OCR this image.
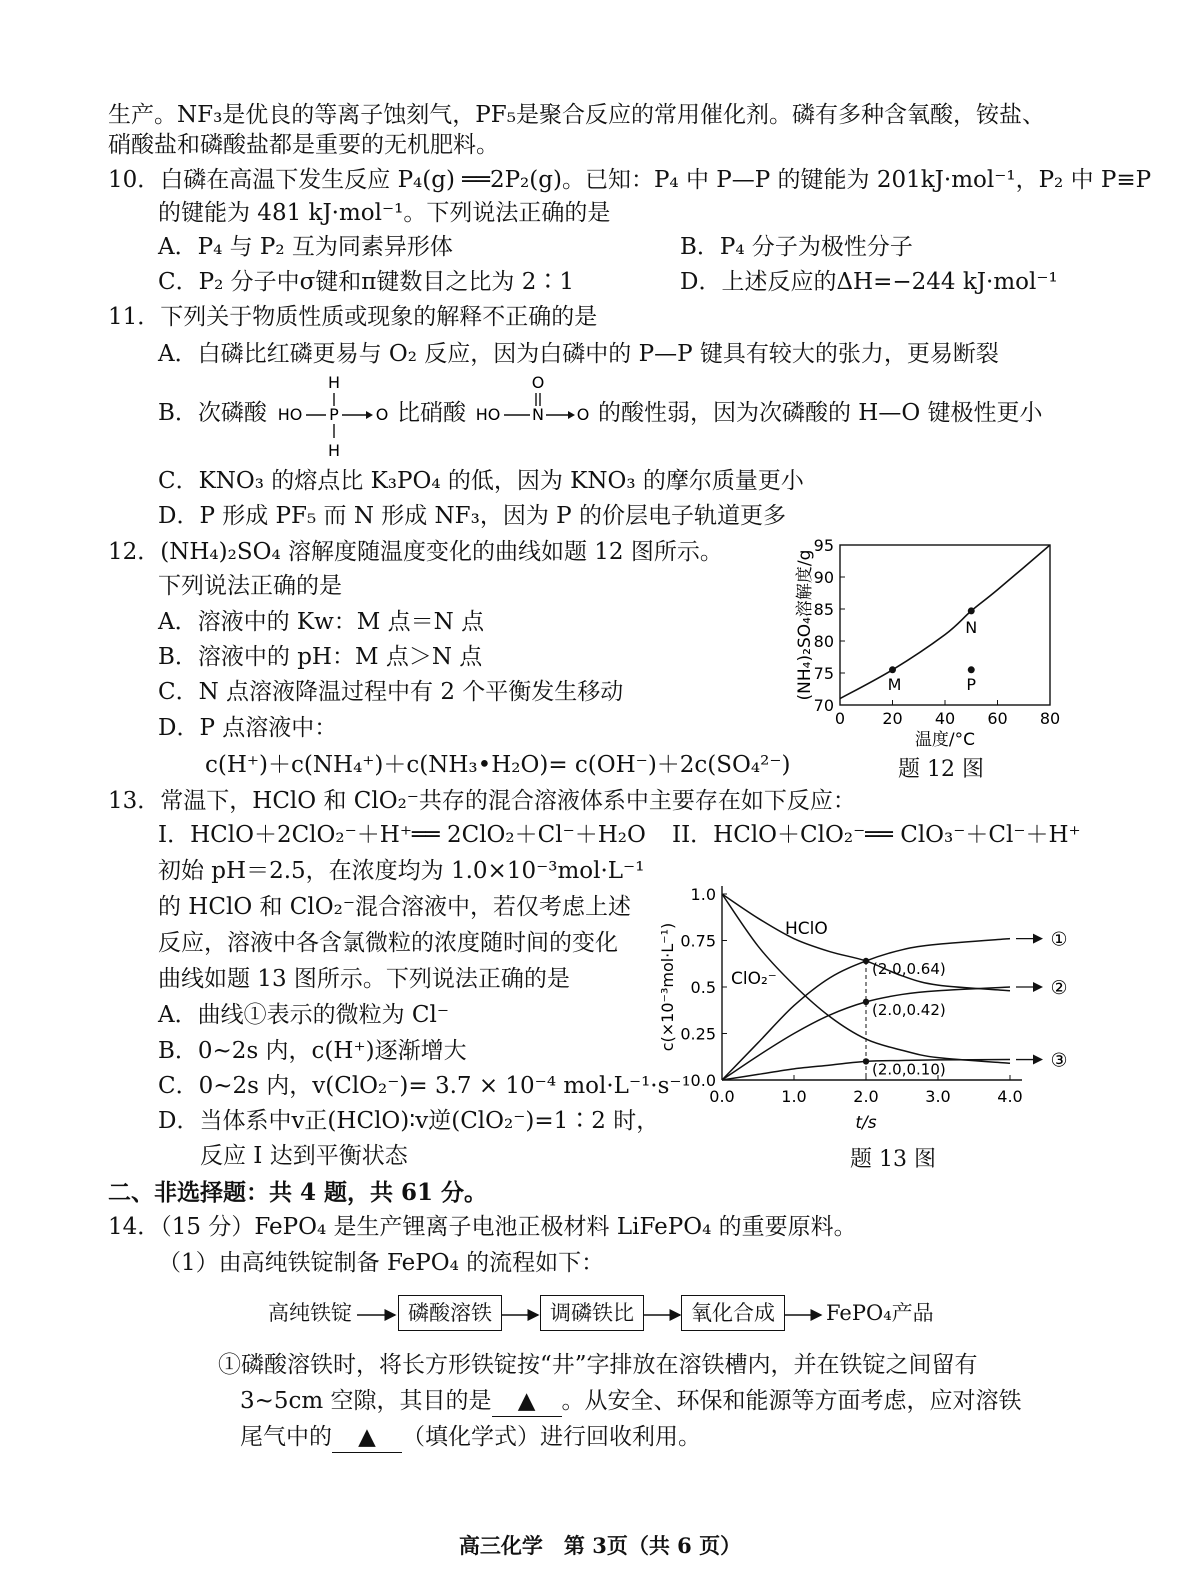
生产。NF₃是优良的等离子蚀刻气，PF₅是聚合反应的常用催化剂。磷有多种含氧酸，铵盐、
硝酸盐和磷酸盐都是重要的无机肥料。
10．白磷在高温下发生反应 P₄(g) ══2P₂(g)。已知：P₄ 中 P—P 的键能为 201kJ·mol⁻¹，P₂ 中 P≡P
的键能为 481 kJ·mol⁻¹。下列说法正确的是
A．P₄ 与 P₂ 互为同素异形体	B．P₄ 分子为极性分子
C．P₂ 分子中σ键和π键数目之比为 2∶1	D．上述反应的ΔH=−244 kJ·mol⁻¹
11．下列关于物质性质或现象的解释不正确的是
A．白磷比红磷更易与 O₂ 反应，因为白磷中的 P—P 键具有较大的张力，更易断裂
B．次磷酸
H
HO P O
H
比硝酸
O
HO N O 的酸性弱，因为次磷酸的 H—O 键极性更小
C．KNO₃ 的熔点比 K₃PO₄ 的低，因为 KNO₃ 的摩尔质量更小
D．P 形成 PF₅ 而 N 形成 NF₃，因为 P 的价层电子轨道更多
12．(NH₄)₂SO₄ 溶解度随温度变化的曲线如题 12 图所示。
下列说法正确的是
A．溶液中的 Kw：M 点＝N 点
B．溶液中的 pH：M 点＞N 点
C．N 点溶液降温过程中有 2 个平衡发生移动
D．P 点溶液中：
c(H⁺)＋c(NH₄⁺)＋c(NH₃•H₂O)= c(OH⁻)＋2c(SO₄²⁻)
70
75
80
85
90
95
0 20 40 60 80
M
N
P
温度/°C
(NH₄)₂SO₄溶解度/g
题 12 图
13．常温下，HClO 和 ClO₂⁻共存的混合溶液体系中主要存在如下反应：
I．HClO＋2ClO₂⁻＋H⁺══ 2ClO₂＋Cl⁻＋H₂O II．HClO＋ClO₂⁻══ ClO₃⁻＋Cl⁻＋H⁺
初始 pH＝2.5，在浓度均为 1.0×10⁻³mol·L⁻¹
的 HClO 和 ClO₂⁻混合溶液中，若仅考虑上述
反应，溶液中各含氯微粒的浓度随时间的变化
曲线如题 13 图所示。下列说法正确的是
A．曲线①表示的微粒为 Cl⁻
B．0~2s 内，c(H⁺)逐渐增大
C．0~2s 内，v(ClO₂⁻)= 3.7 × 10⁻⁴ mol·L⁻¹·s⁻¹
D．当体系中v正(HClO)∶v逆(ClO₂⁻)=1∶2 时，
反应 I 达到平衡状态
0.0
0.25
0.5
0.75
1.0
0.0	1.0	2.0	3.0	4.0
HClO
ClO₂⁻
①
②
③
(2.0,0.64)
(2.0,0.42)
(2.0,0.10)
t/s
c(×10⁻³mol·L⁻¹)
题 13 图
二、非选择题：共 4 题，共 61 分。
14．（15 分）FePO₄ 是生产锂离子电池正极材料 LiFePO₄ 的重要原料。
（1）由高纯铁锭制备 FePO₄ 的流程如下：
高纯铁锭	磷酸溶铁	调磷铁比	氧化合成	FePO₄产品
①磷酸溶铁时，将长方形铁锭按“井”字排放在溶铁槽内，并在铁锭之间留有
3~5cm 空隙，其目的是 ▲ 。从安全、环保和能源等方面考虑，应对溶铁
尾气中的 ▲ （填化学式）进行回收利用。
高三化学　第 3页（共 6 页）
